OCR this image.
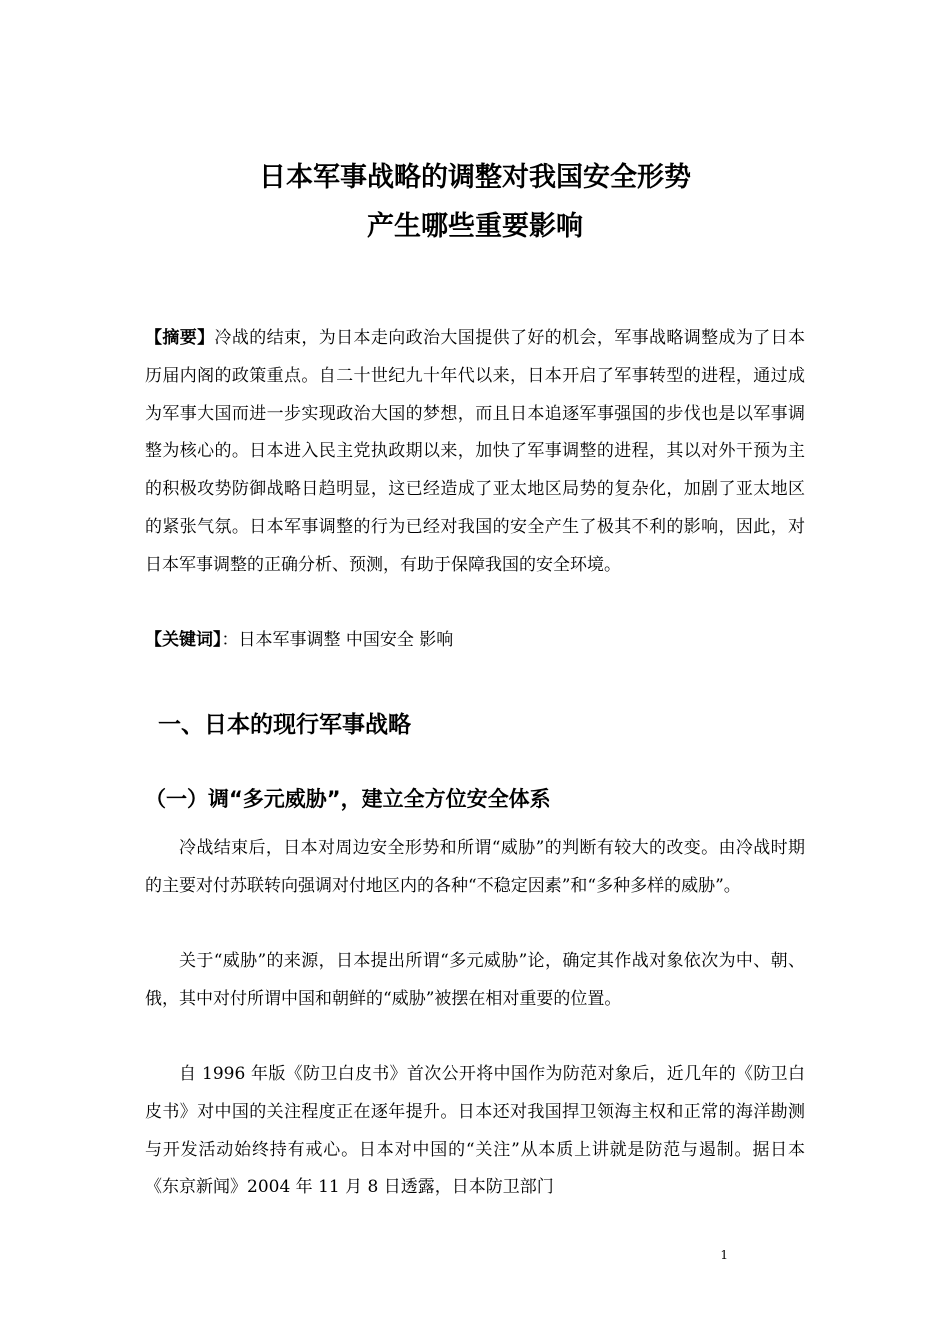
日本军事战略的调整对我国安全形势
产生哪些重要影响

【摘要】冷战的结束，为日本走向政治大国提供了好的机会，军事战略调整成为了日本历届内阁的政策重点。自二十世纪九十年代以来，日本开启了军事转型的进程，通过成为军事大国而进一步实现政治大国的梦想，而且日本追逐军事强国的步伐也是以军事调整为核心的。日本进入民主党执政期以来，加快了军事调整的进程，其以对外干预为主的积极攻势防御战略日趋明显，这已经造成了亚太地区局势的复杂化，加剧了亚太地区的紧张气氛。日本军事调整的行为已经对我国的安全产生了极其不利的影响，因此，对日本军事调整的正确分析、预测，有助于保障我国的安全环境。

【关键词】：日本军事调整 中国安全 影响

一、日本的现行军事战略
（一）调“多元威胁”，建立全方位安全体系

冷战结束后，日本对周边安全形势和所谓“威胁”的判断有较大的改变。由冷战时期的主要对付苏联转向强调对付地区内的各种“不稳定因素”和“多种多样的威胁”。

关于“威胁”的来源，日本提出所谓“多元威胁”论，确定其作战对象依次为中、朝、俄，其中对付所谓中国和朝鲜的“威胁”被摆在相对重要的位置。

自 1996 年版《防卫白皮书》首次公开将中国作为防范对象后，近几年的《防卫白皮书》对中国的关注程度正在逐年提升。日本还对我国捍卫领海主权和正常的海洋勘测与开发活动始终持有戒心。日本对中国的“关注”从本质上讲就是防范与遏制。据日本《东京新闻》2004 年 11 月 8 日透露，日本防卫部门

1
